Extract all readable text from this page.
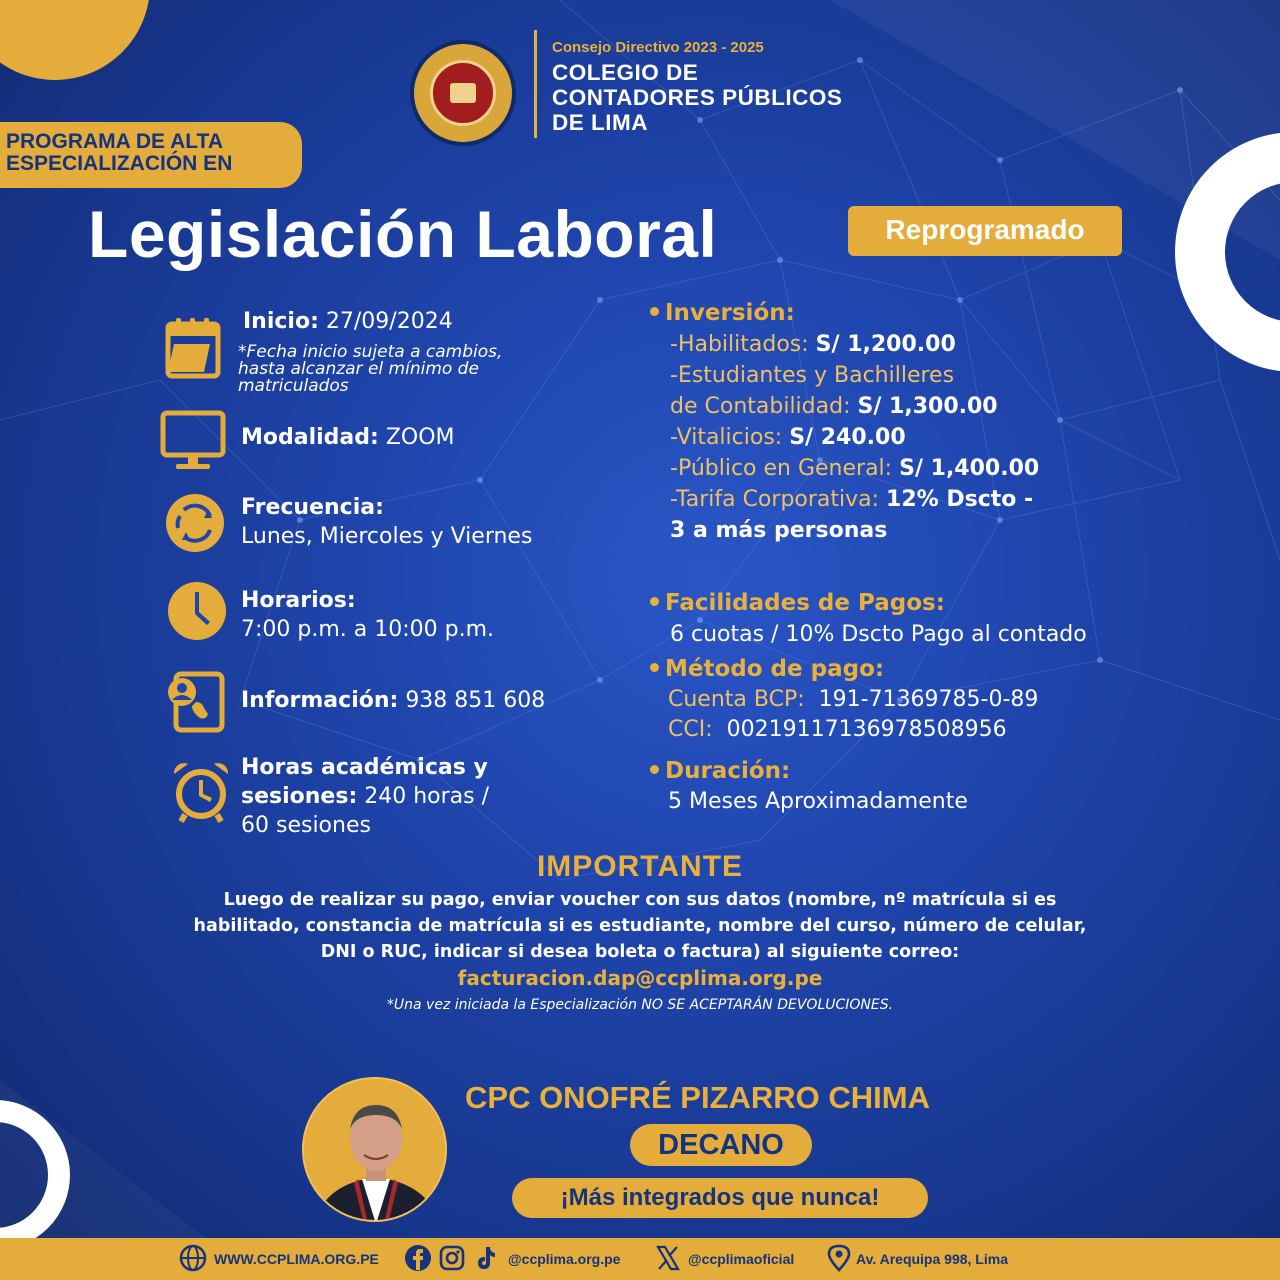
Consejo Directivo 2023 - 2025
COLEGIO DE
CONTADORES PÚBLICOS
DE LIMA
PROGRAMA DE ALTA
ESPECIALIZACIÓN EN
Legislación Laboral	Reprogramado
Inicio: 27/09/2024
*Fecha inicio sujeta a cambios,
hasta alcanzar el mínimo de
matriculados
Modalidad: ZOOM
Frecuencia:
Lunes, Miercoles y Viernes
Horarios:
7:00 p.m. a 10:00 p.m.
Información: 938 851 608
Horas académicas y
sesiones: 240 horas /
60 sesiones
Inversión:
-Habilitados: S/ 1,200.00
-Estudiantes y Bachilleres
de Contabilidad: S/ 1,300.00
-Vitalicios: S/ 240.00
-Público en General: S/ 1,400.00
-Tarifa Corporativa: 12% Dscto -
3 a más personas
Facilidades de Pagos:
6 cuotas / 10% Dscto Pago al contado
Método de pago:
Cuenta BCP: 191-71369785-0-89
CCI: 00219117136978508956
Duración:
5 Meses Aproximadamente
IMPORTANTE
Luego de realizar su pago, enviar voucher con sus datos (nombre, nº matrícula si es
habilitado, constancia de matrícula si es estudiante, nombre del curso, número de celular,
DNI o RUC, indicar si desea boleta o factura) al siguiente correo:
facturacion.dap@ccplima.org.pe
*Una vez iniciada la Especialización NO SE ACEPTARÁN DEVOLUCIONES.
CPC ONOFRÉ PIZARRO CHIMA
DECANO
¡Más integrados que nunca!
WWW.CCPLIMA.ORG.PE	@ccplima.org.pe	@ccplimaoficial	Av. Arequipa 998, Lima
